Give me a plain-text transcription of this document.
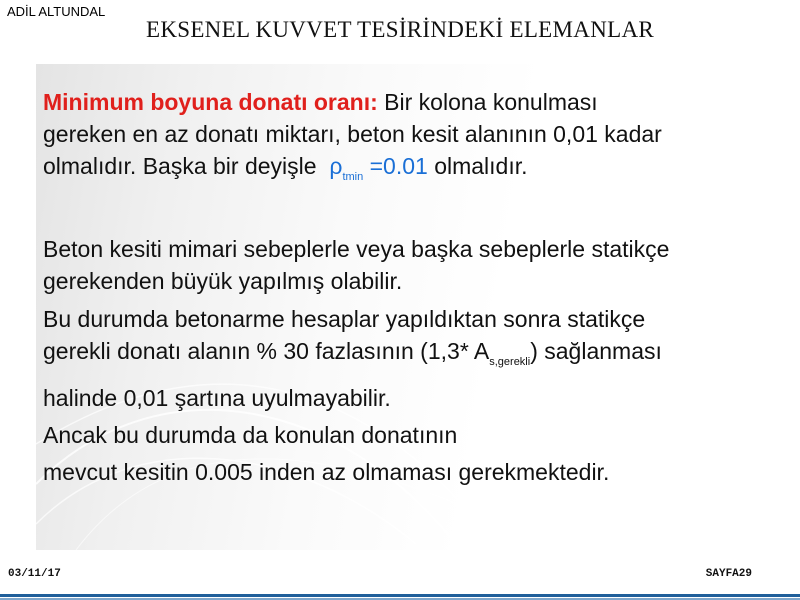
ADİL ALTUNDAL
EKSENEL KUVVET TESİRİNDEKİ ELEMANLAR

Minimum boyuna donatı oranı: Bir kolona konulması

gereken en az donatı miktarı, beton kesit alanının 0,01 kadar

olmalıdır. Başka bir deyişle  $\rho_{tmin} =0.01$ olmalıdır.

Beton kesiti mimari sebeplerle veya başka sebeplerle statikçe

gerekenden büyük yapılmış olabilir.

Bu durumda betonarme hesaplar yapıldıktan sonra statikçe

gerekli donatı alanın % 30 fazlasının (1,3* $A_{s,gerekli}$) sağlanması

halinde 0,01 şartına uyulmayabilir.

Ancak bu durumda da konulan donatının

mevcut kesitin 0.005 inden az olmaması gerekmektedir.

03/11/17	SAYFA29
